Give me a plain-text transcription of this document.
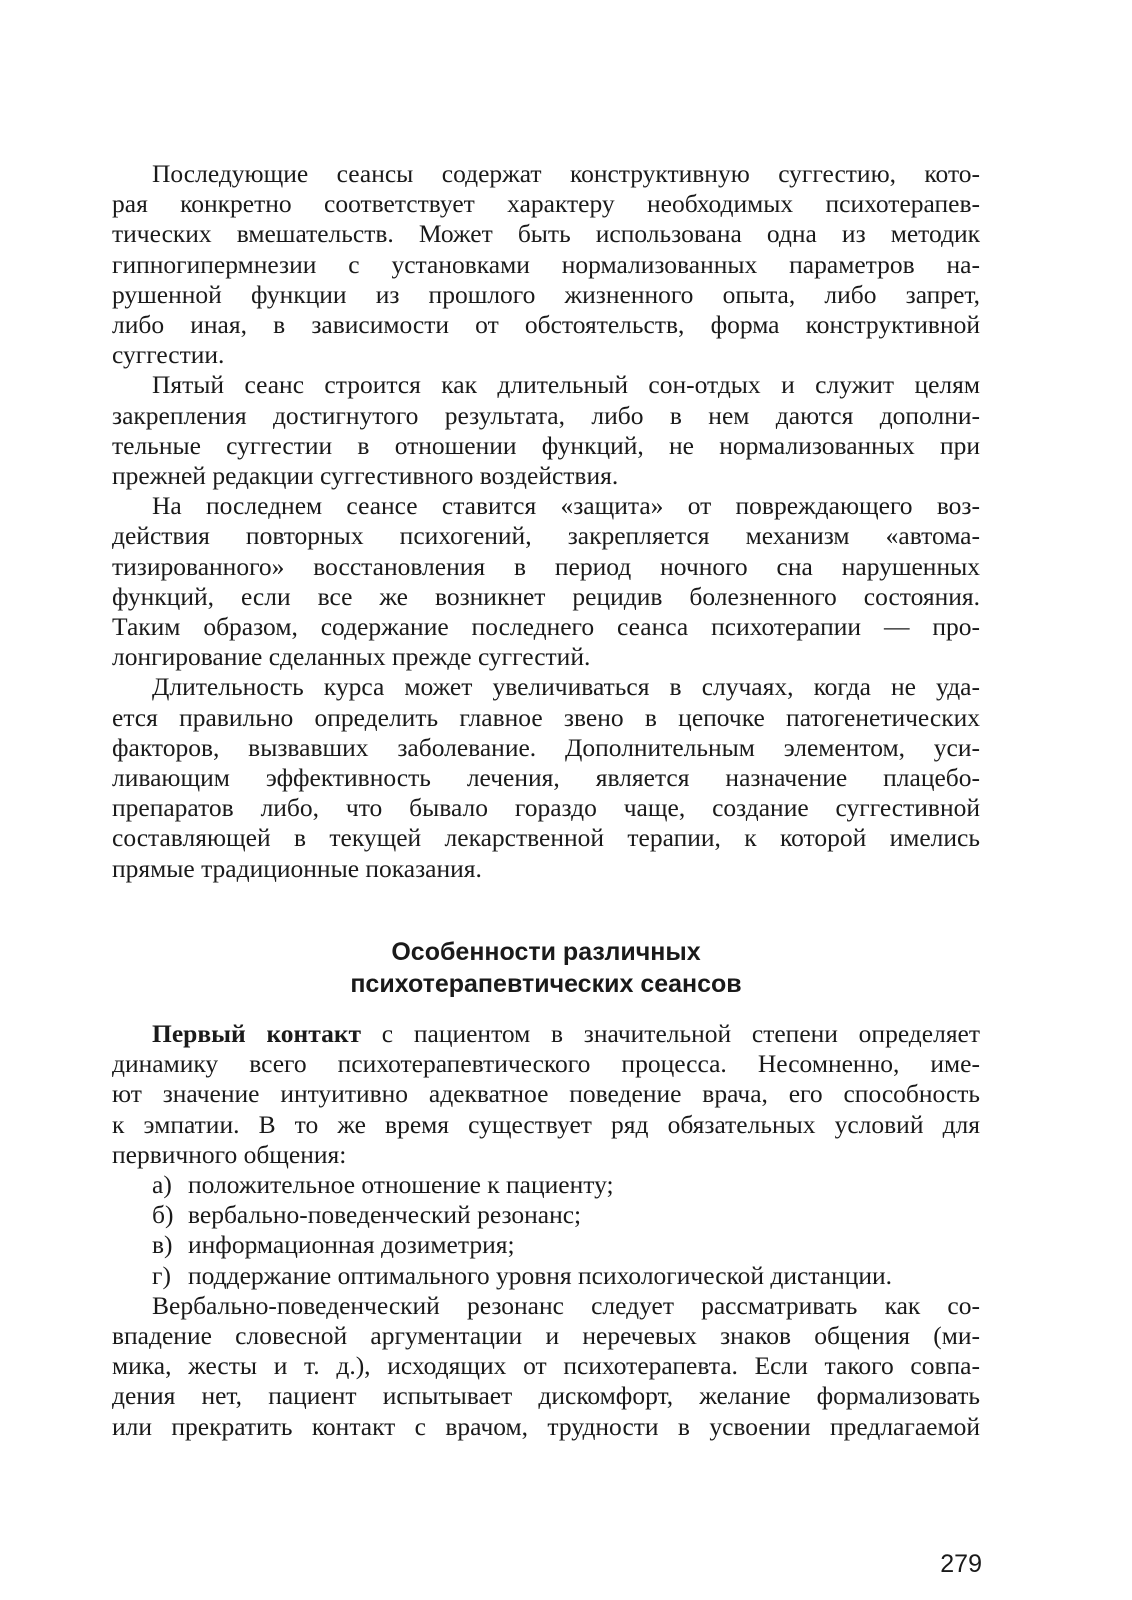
Последующие сеансы содержат конструктивную суггестию, кото-
рая конкретно соответствует характеру необходимых психотерапев-
тических вмешательств. Может быть использована одна из методик
гипногипермнезии с установками нормализованных параметров на-
рушенной функции из прошлого жизненного опыта, либо запрет,
либо иная, в зависимости от обстоятельств, форма конструктивной
суггестии.
Пятый сеанс строится как длительный сон-отдых и служит целям
закрепления достигнутого результата, либо в нем даются дополни-
тельные суггестии в отношении функций, не нормализованных при
прежней редакции суггестивного воздействия.
На последнем сеансе ставится «защита» от повреждающего воз-
действия повторных психогений, закрепляется механизм «автома-
тизированного» восстановления в период ночного сна нарушенных
функций, если все же возникнет рецидив болезненного состояния.
Таким образом, содержание последнего сеанса психотерапии — про-
лонгирование сделанных прежде суггестий.
Длительность курса может увеличиваться в случаях, когда не уда-
ется правильно определить главное звено в цепочке патогенетических
факторов, вызвавших заболевание. Дополнительным элементом, уси-
ливающим эффективность лечения, является назначение плацебо-
препаратов либо, что бывало гораздо чаще, создание суггестивной
составляющей в текущей лекарственной терапии, к которой имелись
прямые традиционные показания.
Особенности различных
психотерапевтических сеансов
Первый контакт с пациентом в значительной степени определяет
динамику всего психотерапевтического процесса. Несомненно, име-
ют значение интуитивно адекватное поведение врача, его способность
к эмпатии. В то же время существует ряд обязательных условий для
первичного общения:
а) положительное отношение к пациенту;
б) вербально-поведенческий резонанс;
в) информационная дозиметрия;
г) поддержание оптимального уровня психологической дистанции.
Вербально-поведенческий резонанс следует рассматривать как со-
впадение словесной аргументации и неречевых знаков общения (ми-
мика, жесты и т. д.), исходящих от психотерапевта. Если такого совпа-
дения нет, пациент испытывает дискомфорт, желание формализовать
или прекратить контакт с врачом, трудности в усвоении предлагаемой
279
